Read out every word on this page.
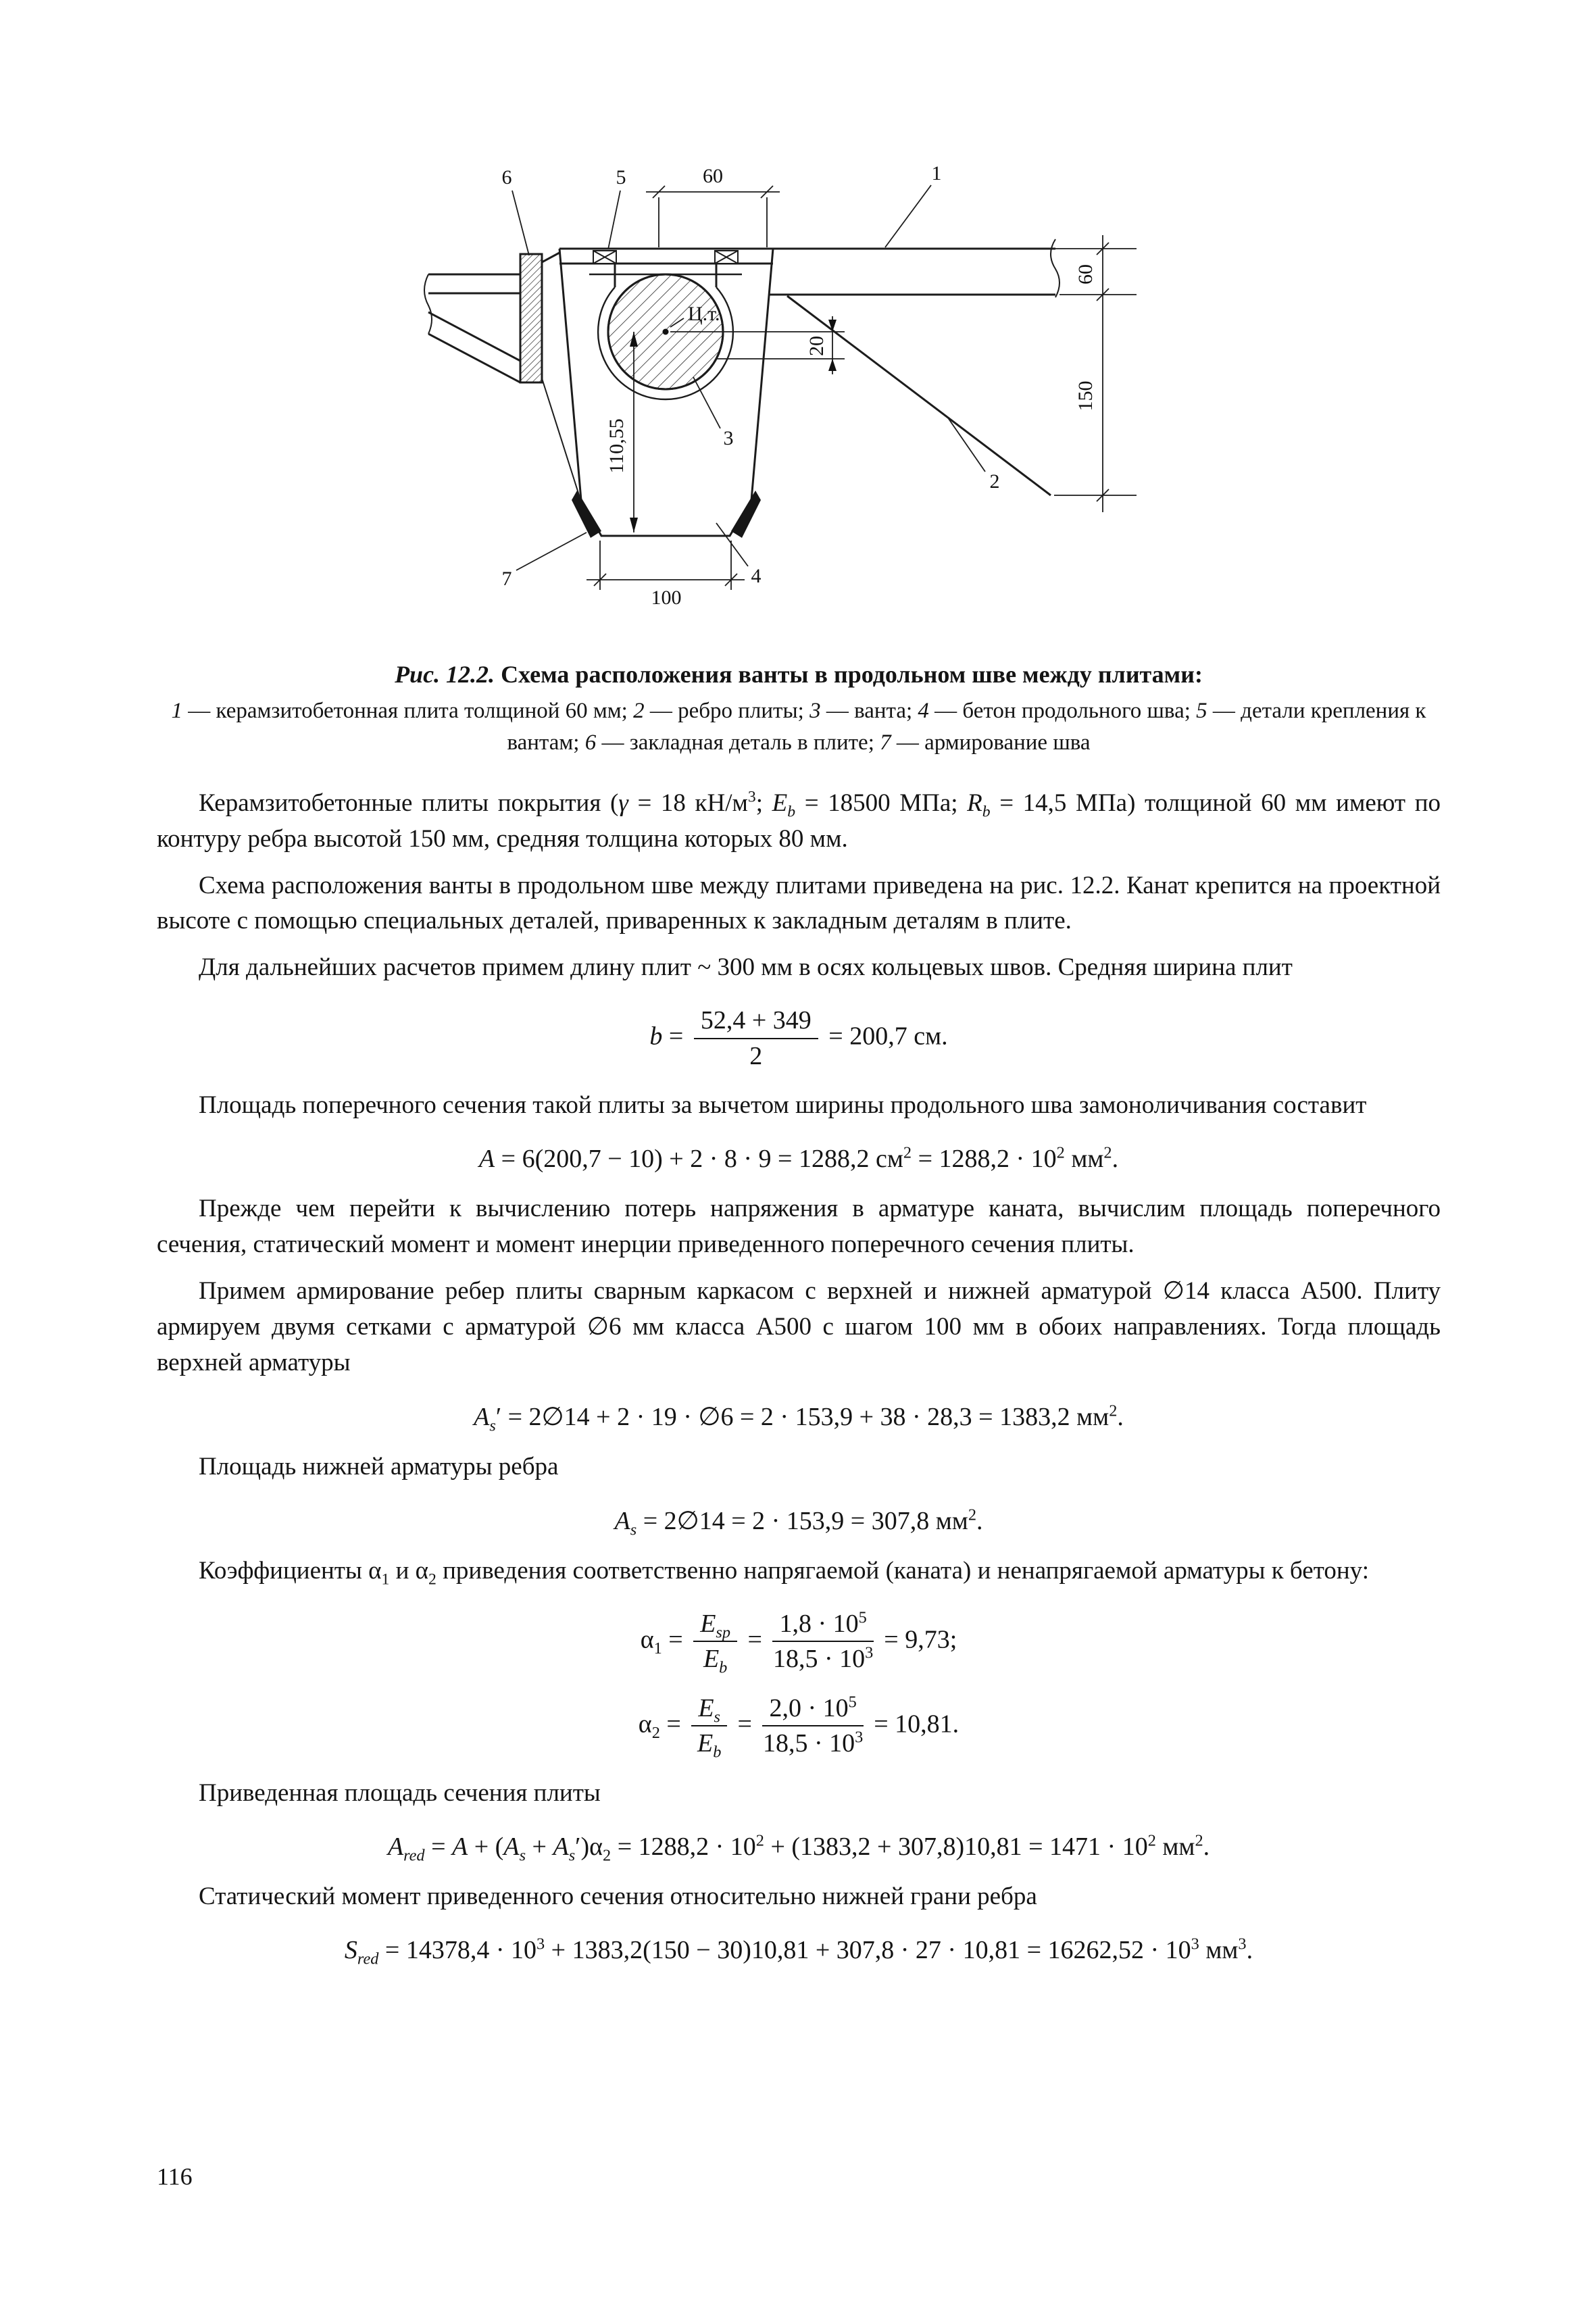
6	5	60	1
2
3
4
7
100
Ц.т.
60
150
20
110,55

Рис. 12.2. Схема расположения ванты в продольном шве между плитами:

1 — керамзитобетонная плита толщиной 60 мм; 2 — ребро плиты; 3 — ванта; 4 — бетон продольного шва; 5 — детали крепления к вантам; 6 — закладная деталь в плите; 7 — армирование шва

Керамзитобетонные плиты покрытия (γ = 18 $кН/м^3$; $E_b = 18500$ МПа; $R_b = 14,5$ МПа) толщиной 60 мм имеют по контуру ребра высотой 150 мм, средняя толщина которых 80 мм.

Схема расположения ванты в продольном шве между плитами приведена на рис. 12.2. Канат крепится на проектной высоте с помощью специальных деталей, приваренных к закладным деталям в плите.

Для дальнейших расчетов примем длину плит ~ 300 мм в осях кольцевых швов. Средняя ширина плит

$b = \frac{52,4 + 349}{2} = 200,7$ см.

Площадь поперечного сечения такой плиты за вычетом ширины продольного шва замоноличивания составит

A = 6(200,7 − 10) + 2 · 8 · 9 = 1288,2 $см^2 = 1288,2 \cdot 10^2$ $мм^2$.

Прежде чем перейти к вычислению потерь напряжения в арматуре каната, вычислим площадь поперечного сечения, статический момент и момент инерции приведенного поперечного сечения плиты.

Примем армирование ребер плиты сварным каркасом с верхней и нижней арматурой ∅14 класса А500. Плиту армируем двумя сетками с арматурой ∅6 мм класса А500 с шагом 100 мм в обоих направлениях. Тогда площадь верхней арматуры

$A_s'$ = 2∅14 + 2 · 19 · ∅6 = 2 · 153,9 + 38 · 28,3 = 1383,2 $мм^2$.

Площадь нижней арматуры ребра

$A_s$ = 2∅14 = 2 · 153,9 = 307,8 $мм^2$.

Коэффициенты $\alpha_1$ и $\alpha_2$ приведения соответственно напрягаемой (каната) и ненапрягаемой арматуры к бетону:

$\alpha_1 = \frac{E_{sp}}{E_b} = \frac{1,8 \cdot 10^5}{18,5 \cdot 10^3} = 9,73$;
$\alpha_2 = \frac{E_s}{E_b} = \frac{2,0 \cdot 10^5}{18,5 \cdot 10^3} = 10,81$.

Приведенная площадь сечения плиты

$A_{red} = A + (A_s + A_s')\alpha_2 = 1288,2 \cdot 10^2 + (1383,2 + 307,8)10,81 = 1471 \cdot 10^2$ $мм^2$.

Статический момент приведенного сечения относительно нижней грани ребра

$S_{red} = 14378,4 \cdot 10^3 + 1383,2(150 - 30)10,81 + 307,8 \cdot 27 \cdot 10,81 = 16262,52 \cdot 10^3$ $мм^3$.
116
